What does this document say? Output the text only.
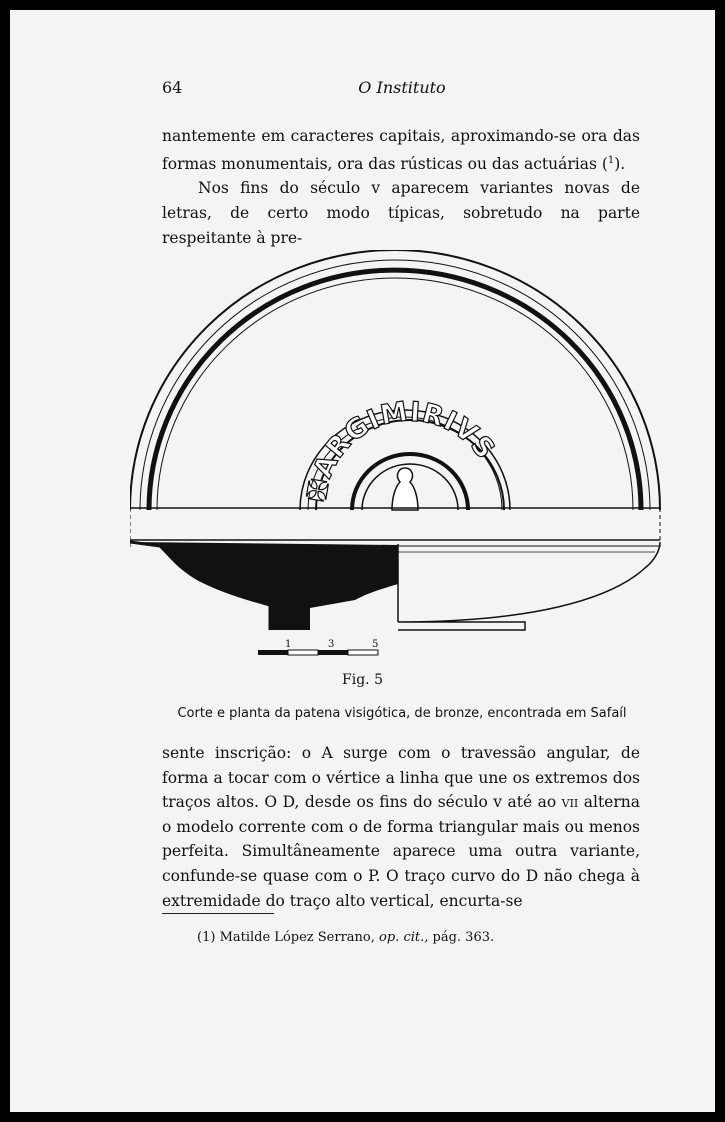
64	O Instituto

nantemente em caracteres capitais, aproximando-se ora das formas monumentais, ora das rústicas ou das actuárias ($^1$).

Nos fins do século v aparecem variantes novas de letras, de certo modo típicas, sobretudo na parte respeitante à pre-

✠ARGIMIRIVS
1	3	5
Fig. 5
Corte e planta da patena visigótica, de bronze, encontrada em Safaíl

sente inscrição: o A surge com o travessão angular, de forma a tocar com o vértice a linha que une os extremos dos traços altos. O D, desde os fins do século v até ao vii alterna o modelo corrente com o de forma triangular mais ou menos perfeita. Simultâneamente aparece uma outra variante, confunde-se quase com o P. O traço curvo do D não chega à extremidade do traço alto vertical, encurta-se

(1) Matilde López Serrano, op. cit., pág. 363.
